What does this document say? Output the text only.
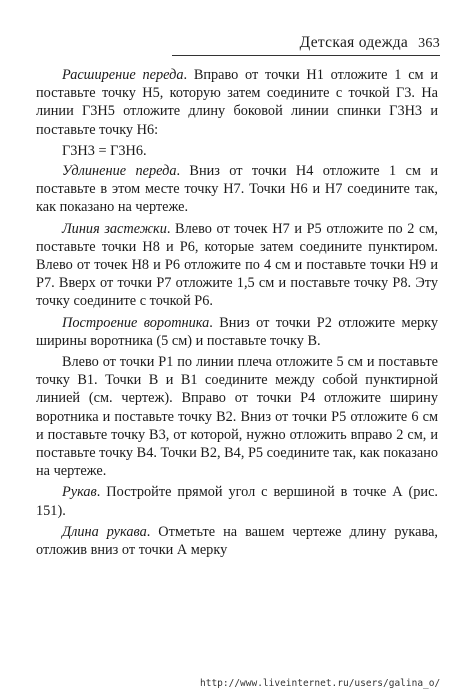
Детская одежда 363

Расширение переда. Вправо от точки Н1 отложите 1 см и поставьте точку Н5, которую затем соедините с точкой Г3. На линии Г3Н5 отложите длину боковой линии спинки Г3Н3 и поставьте точку Н6:

Г3Н3 = Г3Н6.

Удлинение переда. Вниз от точки Н4 отложите 1 см и поставьте в этом месте точку Н7. Точки Н6 и Н7 соедините так, как показано на чертеже.

Линия застежки. Влево от точек Н7 и Р5 отложите по 2 см, поставьте точки Н8 и Р6, которые затем соедините пунктиром. Влево от точек Н8 и Р6 отложите по 4 см и поставьте точки Н9 и Р7. Вверх от точки Р7 отложите 1,5 см и поставьте точку Р8. Эту точку соедините с точкой Р6.

Построение воротника. Вниз от точки Р2 отложите мерку ширины воротника (5 см) и поставьте точку В.

Влево от точки Р1 по линии плеча отложите 5 см и поставьте точку В1. Точки В и В1 соедините между собой пунктирной линией (см. чертеж). Вправо от точки Р4 отложите ширину воротника и поставьте точку В2. Вниз от точки Р5 отложите 6 см и поставьте точку В3, от которой, нужно отложить вправо 2 см, и поставьте точку В4. Точки В2, В4, Р5 соедините так, как показано на чертеже.

Рукав. Постройте прямой угол с вершиной в точке А (рис. 151).

Длина рукава. Отметьте на вашем чертеже длину рукава, отложив вниз от точки А мерку

http://www.liveinternet.ru/users/galina_o/
